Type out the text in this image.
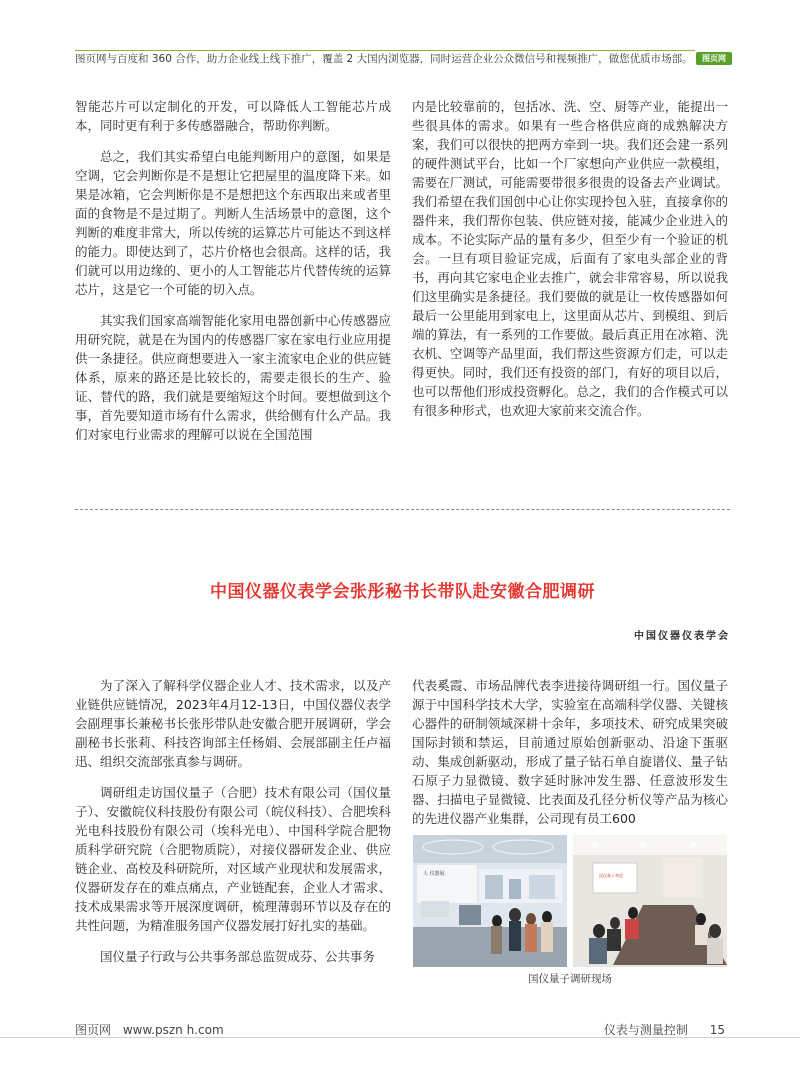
图页网与百度和 360 合作，助力企业线上线下推广，覆盖 2 大国内浏览器，同时运营企业公众微信号和视频推广，做您优质市场部。	图页网

智能芯片可以定制化的开发，可以降低人工智能芯片成本，同时更有利于多传感器融合，帮助你判断。

总之，我们其实希望白电能判断用户的意图，如果是空调，它会判断你是不是想让它把屋里的温度降下来。如果是冰箱，它会判断你是不是想把这个东西取出来或者里面的食物是不是过期了。判断人生活场景中的意图，这个判断的难度非常大，所以传统的运算芯片可能达不到这样的能力。即使达到了，芯片价格也会很高。这样的话，我们就可以用边缘的、更小的人工智能芯片代替传统的运算芯片，这是它一个可能的切入点。

其实我们国家高端智能化家用电器创新中心传感器应用研究院，就是在为国内的传感器厂家在家电行业应用提供一条捷径。供应商想要进入一家主流家电企业的供应链体系，原来的路还是比较长的，需要走很长的生产、验证、替代的路，我们就是要缩短这个时间。要想做到这个事，首先要知道市场有什么需求，供给侧有什么产品。我们对家电行业需求的理解可以说在全国范围

内是比较靠前的，包括冰、洗、空、厨等产业，能提出一些很具体的需求。如果有一些合格供应商的成熟解决方案，我们可以很快的把两方牵到一块。我们还会建一系列的硬件测试平台，比如一个厂家想向产业供应一款模组，需要在厂测试，可能需要带很多很贵的设备去产业调试。我们希望在我们国创中心让你实现拎包入驻，直接拿你的器件来，我们帮你包装、供应链对接，能减少企业进入的成本。不论实际产品的量有多少，但至少有一个验证的机会。一旦有项目验证完成，后面有了家电头部企业的背书，再向其它家电企业去推广，就会非常容易，所以说我们这里确实是条捷径。我们要做的就是让一枚传感器如何最后一公里能用到家电上，这里面从芯片、到模组、到后端的算法，有一系列的工作要做。最后真正用在冰箱、洗衣机、空调等产品里面，我们帮这些资源方们走，可以走得更快。同时，我们还有投资的部门，有好的项目以后，也可以帮他们形成投资孵化。总之，我们的合作模式可以有很多种形式，也欢迎大家前来交流合作。

中国仪器仪表学会张彤秘书长带队赴安徽合肥调研
中国仪器仪表学会

为了深入了解科学仪器企业人才、技术需求，以及产业链供应链情况，2023年4月12-13日，中国仪器仪表学会副理事长兼秘书长张彤带队赴安徽合肥开展调研，学会副秘书长张莉、科技咨询部主任杨娟、会展部副主任卢福迅、组织交流部张真参与调研。

调研组走访国仪量子（合肥）技术有限公司（国仪量子）、安徽皖仪科技股份有限公司（皖仪科技）、合肥埃科光电科技股份有限公司（埃科光电）、中国科学院合肥物质科学研究院（合肥物质院），对接仪器研发企业、供应链企业、高校及科研院所，对区域产业现状和发展需求，仪器研发存在的难点痛点，产业链配套，企业人才需求、技术成果需求等开展深度调研，梳理薄弱环节以及存在的共性问题，为精准服务国产仪器发展打好扎实的基础。

国仪量子行政与公共事务部总监贺成芬、公共事务

代表奚霞、市场品牌代表李进接待调研组一行。国仪量子源于中国科学技术大学，实验室在高端科学仪器、关键核心器件的研制领域深耕十余年，多项技术、研究成果突破国际封锁和禁运，目前通过原始创新驱动、沿途下蛋驱动、集成创新驱动，形成了量子钻石单自旋谱仪、量子钻石原子力显微镜、数字延时脉冲发生器、任意波形发生器、扫描电子显微镜、比表面及孔径分析仪等产品为核心的先进仪器产业集群，公司现有员工600

人 仪器展	国仪量子欢迎
国仪量子调研现场
图页网 www.pszn h.com	仪表与测量控制 15
